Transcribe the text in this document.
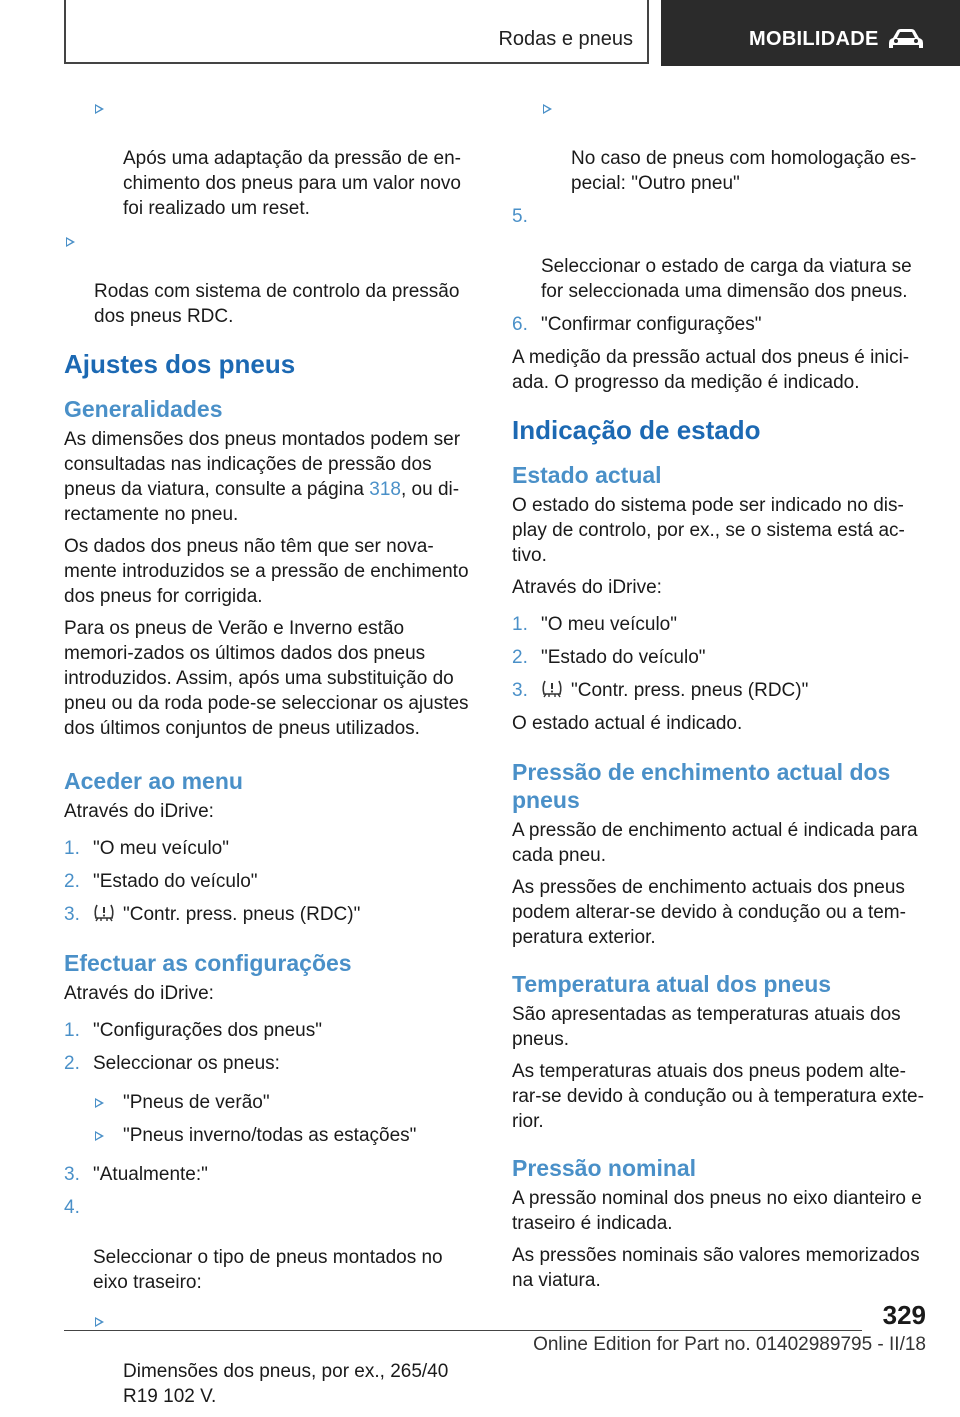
Rodas e pneus	MOBILIDADE

Após uma adaptação da pressão de en-
chimento dos pneus para um valor novo
foi realizado um reset.

Rodas com sistema de controlo da pressão
dos pneus RDC.

Ajustes dos pneus
Generalidades

As dimensões dos pneus montados podem ser consultadas nas indicações de pressão dos pneus da viatura, consulte a página 318, ou di-rectamente no pneu.

Os dados dos pneus não têm que ser nova-mente introduzidos se a pressão de enchimento dos pneus for corrigida.

Para os pneus de Verão e Inverno estão memori-zados os últimos dados dos pneus introduzidos. Assim, após uma substituição do pneu ou da roda pode-se seleccionar os ajustes dos últimos conjuntos de pneus utilizados.

Aceder ao menu

Através do iDrive:

1. "O meu veículo"
2. "Estado do veículo"
3. "Contr. press. pneus (RDC)"
Efectuar as configurações

Através do iDrive:

1. "Configurações dos pneus"
2. Seleccionar os pneus:
"Pneus de verão"
"Pneus inverno/todas as estações"
3. "Atualmente:"

4.

Seleccionar o tipo de pneus montados no
eixo traseiro:

Dimensões dos pneus, por ex., 265/40
R19 102 V.

No caso de pneus com homologação es-
pecial: "Outro pneu"

5.

Seleccionar o estado de carga da viatura se
for seleccionada uma dimensão dos pneus.

6. "Confirmar configurações"

A medição da pressão actual dos pneus é inici-ada. O progresso da medição é indicado.

Indicação de estado
Estado actual

O estado do sistema pode ser indicado no dis-play de controlo, por ex., se o sistema está ac-tivo.

Através do iDrive:

1. "O meu veículo"
2. "Estado do veículo"
3. "Contr. press. pneus (RDC)"

O estado actual é indicado.

Pressão de enchimento actual dos pneus

A pressão de enchimento actual é indicada para cada pneu.

As pressões de enchimento actuais dos pneus podem alterar-se devido à condução ou a tem-peratura exterior.

Temperatura atual dos pneus

São apresentadas as temperaturas atuais dos pneus.

As temperaturas atuais dos pneus podem alte-rar-se devido à condução ou à temperatura exte-rior.

Pressão nominal

A pressão nominal dos pneus no eixo dianteiro e traseiro é indicada.

As pressões nominais são valores memorizados na viatura.

329
Online Edition for Part no. 01402989795 - II/18
